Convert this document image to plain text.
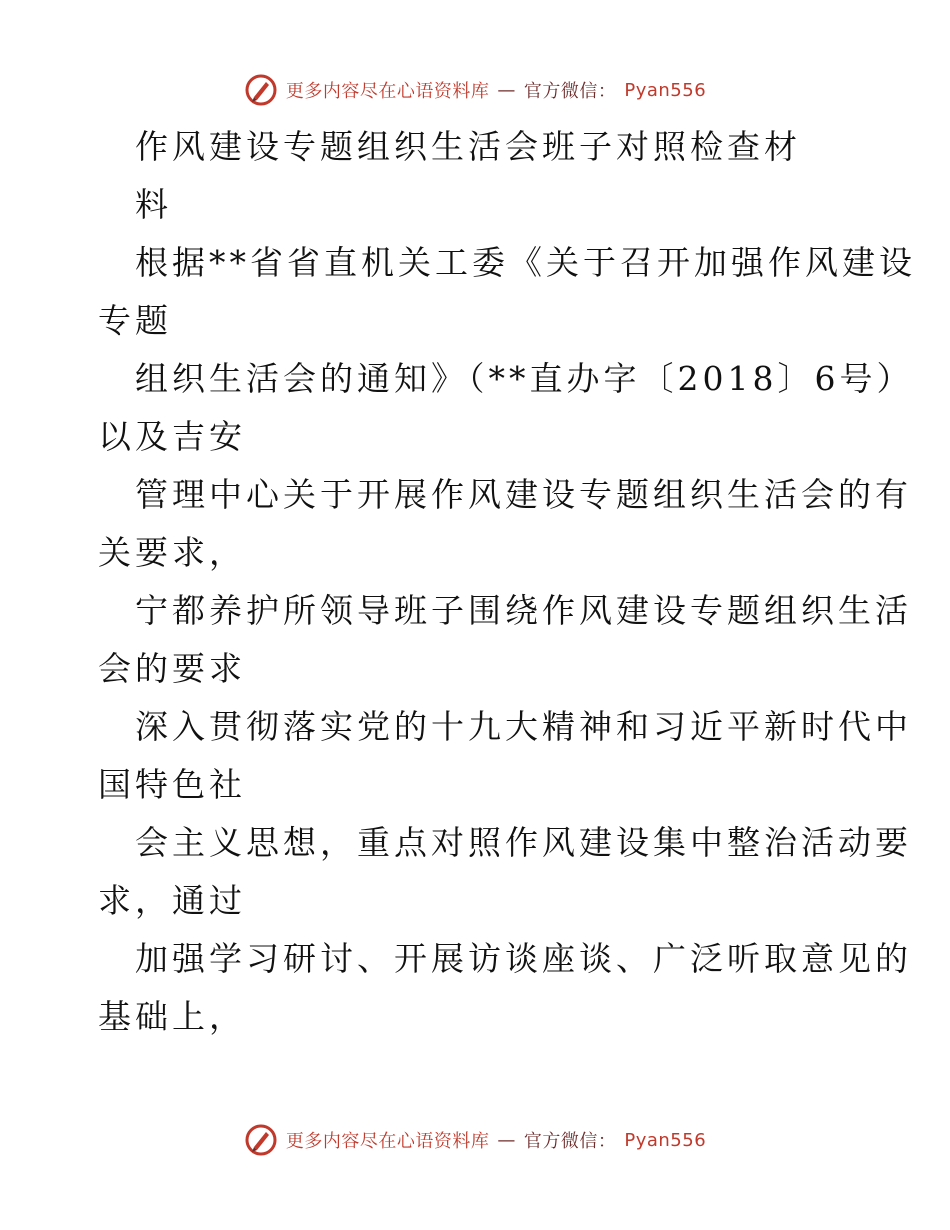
更多内容尽在心语资料库 — 官方微信： Pyan556

作风建设专题组织生活会班子对照检查材

料

根据**省省直机关工委《关于召开加强作风建设

专题

组织生活会的通知》（**直办字〔2018〕6号）

以及吉安

管理中心关于开展作风建设专题组织生活会的有

关要求，

宁都养护所领导班子围绕作风建设专题组织生活

会的要求

深入贯彻落实党的十九大精神和习近平新时代中

国特色社

会主义思想，重点对照作风建设集中整治活动要

求，通过

加强学习研讨、开展访谈座谈、广泛听取意见的

基础上，

更多内容尽在心语资料库 — 官方微信： Pyan556
